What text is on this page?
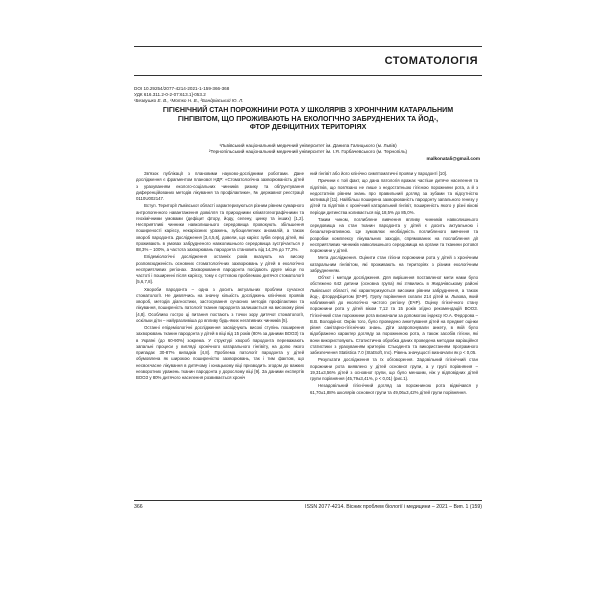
СТОМАТОЛОГІЯ
DOI 10.29254/2077-4214-2021-1-159-366-368
УДК 616.311.2-0-2-07:613.1]-053.2
¹Безвушко Е. В., ¹Мотко Н. В., ²Бандрівський Ю. Л.
ГІГІЄНІЧНИЙ СТАН ПОРОЖНИНИ РОТА У ШКОЛЯРІВ З ХРОНІЧНИМ КАТАРАЛЬНИМ
ГІНГІВІТОМ, ЩО ПРОЖИВАЮТЬ НА ЕКОЛОГІЧНО ЗАБРУДНЕНИХ ТА ЙОД-,
ФТОР ДЕФІЦИТНИХ ТЕРИТОРІЯХ
¹Львівський національний медичний університет ім. Данила Галицького (м. Львів)
²Тернопільський національний медичний університет ім. І.Я. Горбачевського (м. Тернопіль)
malkonatali@gmail.com

Зв'язок публікації з плановими науково-дослідними роботами. Дане дослідження є фрагментом планової НДР: «Стоматологічна захворюваність дітей з урахуванням еколого-соціальних чинників ризику та обґрунтування диференційованих методів лікування та профілактики», № державної реєстрації 0110U002147.

Вступ. Території Львівської області характеризуються різним рівнем сумарного антропогенного навантаження довкілля та природними кліматогеографічними та геохімічними умовами (дефіцит фтору, йоду, селену, цинку та інших) [1,2]. Несприятливі чинники навколишнього середовища провокують збільшення поширеності карієсу, некаріозних уражень, зубощелепних аномалій, а також хвороб пародонта. Дослідження [3,4,5,6], довели, що карієс зубів серед дітей, які проживають в умовах забрудненого навколишнього середовища зустрічається у 88,3% – 100%, а частота захворювань пародонта становить від 14,3% до 77,2%.

Епідеміологічні дослідження останніх років вказують на високу розповсюдженість основних стоматологічних захворювань у дітей в екологічно несприятливих регіонах. Захворювання пародонта посідають друге місце по частоті і поширенні після карієсу, тому є суттєвою проблемою дитячої стоматології [5,6,7,8].

Хвороби пародонта – одна з досить актуальних проблем сучасної стоматології. Не дивлячись на значну кількість досліджень клінічних проявів хвороб, методів діагностики, застосування сучасних методів профілактики та лікування, поширеність патології тканин пародонта залишається на високому рівні [4,8]. Особливо гостро ці питання постають з точки зору дитячої стоматології, оскільки діти – найуразливіша до впливу будь-яких негативних чинників [5].

Останні епідеміологічні дослідження засвідчують високі ступінь поширення захворювань тканин пародонта у дітей в віці від 15 років (80% за даними ВООЗ) та в Україні (до 60-90%) зокрема. У структурі хвороб пародонта переважають запальні процеси у вигляді хронічного катарального гінгівіту, на долю якого припадає 30-87% випадків [4,8]. Проблема патології пародонта у дітей обумовлена як широкою поширеністю захворювань, так і тим фактом, що несвоєчасне лікування в дитячому і юнацькому віці призводить згодом до важких незворотних уражень тканин пародонта у дорослому віці [9]. За даними експертів ВООЗ у 80% дитячого населення розвивається хроніч

ний гінгівіт або його клінічно симптоматичні прояви у пародонті [10].

Причини є той факт, що дана патологія вражає частіше дитяче населення та підлітків, що пов'язано не лише з недостатньою гігієною порожнини рота, а й з недостатнім рівнем знань про правильний догляд за зубами та відсутністю мотивації [11]. Найбільш поширена захворюваність пародонту запального генезу у дітей та підлітків є хронічний катаральний гінгівіт, поширеність якого у різні вікові періоди дитинства коливається від 18,5% до 85,0%.

Таким чином, поглиблене вивчення впливу чинників навколишнього середовища на стан тканин пародонта у дітей є досить актуальною і безальтернативною. Це зумовлює необхідність поглибленого вивчення та розробки комплексу лікувальних заходів, спрямованих на послаблення дії несприятливих чинників навколишнього середовища на органи та тканини ротової порожнини у дітей.

Мета дослідження. Оцінити стан гігієни порожнини рота у дітей з хронічним катаральним гінгівітом, які проживають на територіях з різним екологічним забрудненням.

Об'єкт і методи дослідження. Для вирішення поставленої мети нами було обстежено 642 дитини (основна група) які з'явились в Жидачівському районі Львівської області, які характеризуються високим рівнем забруднення, а також йод-, фтордефіцитом (ЕЧР). Групу порівняння склали 214 дітей м. Львова, який наближений до екологічно чистого регіону (ЕЧР). Оцінку гігієнічного стану порожнини рота у дітей віком 7,12 та 15 років згідно рекомендацій ВООЗ. Гігієнічний стан порожнини рота визначали за допомогою індексу Ю.А. Федорова – В.В. Володкіної. Окрім того, було проведено анкетування дітей на предмет оцінки рівня санітарно-гігієнічних знань. Діти запропонували анкету, в якій було відображено характер догляду за порожниною рота, а також засобів гігієни, які вони використовують. Статистична обробка даних проведена методом варіаційної статистики з урахуванням критерію Стьюдента та використанням програмного забезпечення Statistica 7.0 (StatSoft, Inc). Рівень значущості визначали як р < 0,05.

Результати дослідження та їх обговорення. Задовільний гігієнічний стан порожнини рота виявлено у дітей основної групи, а у групі порівняння – 19,31±3,56% дітей з основної групи, що було меншим, ніж у відповідних дітей групи порівняння (45,79±3,41%, р < 0,01) (рис.1).

Незадовільний гігієнічний догляд за порожниною рота відмічався у 61,70±1,88% школярів основної групи та 49,06±3,42% дітей групи порівняння.

366	ISSN 2077-4214. Вісник проблем біології і медицини – 2021 – Вип. 1 (159)
